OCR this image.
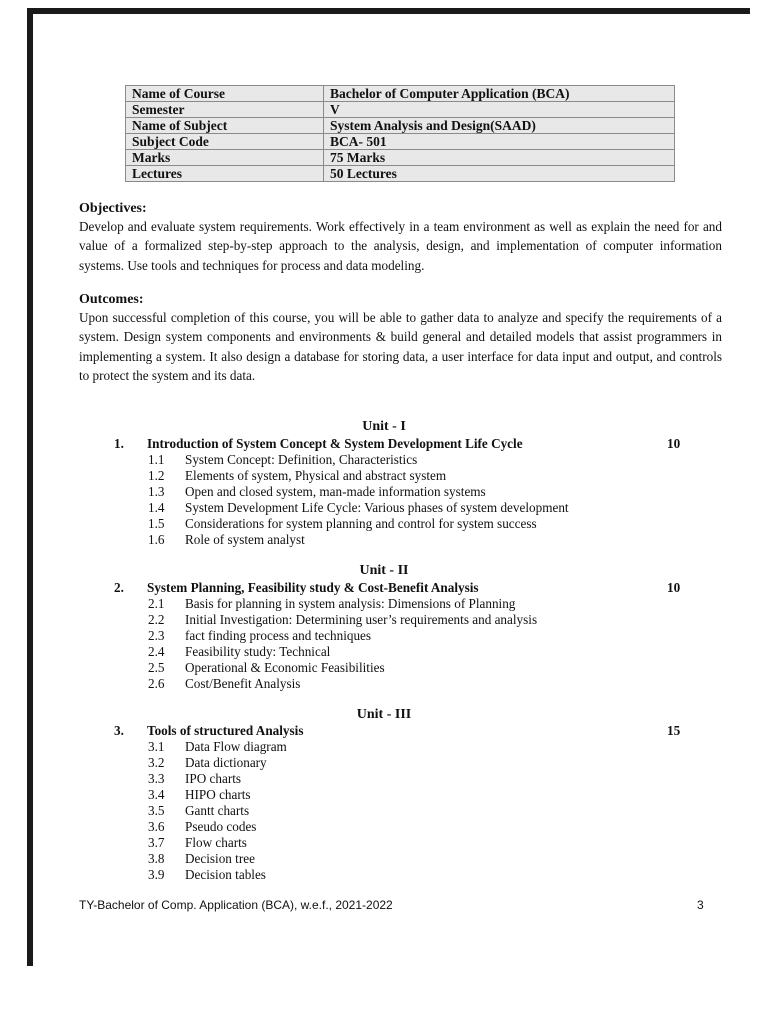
Name of Course	Bachelor of Computer Application (BCA)
Semester	V
Name of Subject	System Analysis and Design(SAAD)
Subject Code	BCA- 501
Marks	75 Marks
Lectures	50 Lectures
Objectives:

Develop and evaluate system requirements. Work effectively in a team environment as well as explain the need for and value of a formalized step-by-step approach to the analysis, design, and implementation of computer information systems. Use tools and techniques for process and data modeling.

Outcomes:

Upon successful completion of this course, you will be able to gather data to analyze and specify the requirements of a system. Design system components and environments & build general and detailed models that assist programmers in implementing a system. It also design a database for storing data, a user interface for data input and output, and controls to protect the system and its data.

Unit - I
1. Introduction of System Concept & System Development Life Cycle	10
1.1 System Concept: Definition, Characteristics
1.2 Elements of system, Physical and abstract system
1.3 Open and closed system, man-made information systems
1.4 System Development Life Cycle: Various phases of system development
1.5 Considerations for system planning and control for system success
1.6 Role of system analyst
Unit - II
2. System Planning, Feasibility study & Cost-Benefit Analysis	10
2.1 Basis for planning in system analysis: Dimensions of Planning
2.2 Initial Investigation: Determining user’s requirements and analysis
2.3 fact finding process and techniques
2.4 Feasibility study: Technical
2.5 Operational & Economic Feasibilities
2.6 Cost/Benefit Analysis
Unit - III
3. Tools of structured Analysis	15
3.1 Data Flow diagram
3.2 Data dictionary
3.3 IPO charts
3.4 HIPO charts
3.5 Gantt charts
3.6 Pseudo codes
3.7 Flow charts
3.8 Decision tree
3.9 Decision tables
TY-Bachelor of Comp. Application (BCA), w.e.f., 2021-2022	3
